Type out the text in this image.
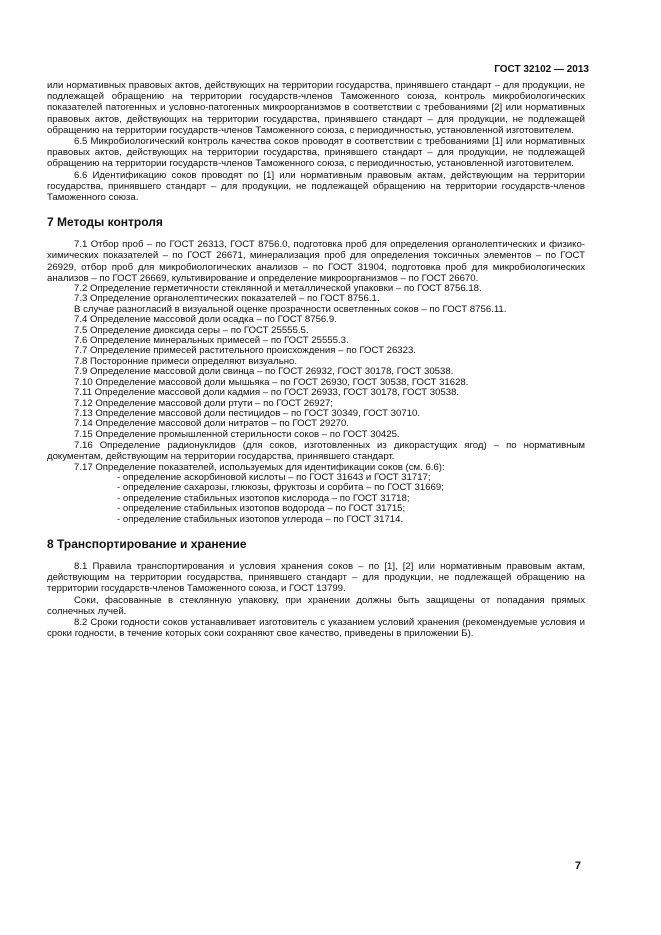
ГОСТ 32102 — 2013

или нормативных правовых актов, действующих на территории государства, принявшего стандарт – для продукции, не подлежащей обращению на территории государств-членов Таможенного союза, контроль микробиологических показателей патогенных и условно-патогенных микроорганизмов в соответствии с требованиями [2] или нормативных правовых актов, действующих на территории государства, принявшего стандарт – для продукции, не подлежащей обращению на территории государств-членов Таможенного союза, с периодичностью, установленной изготовителем.

6.5 Микробиологический контроль качества соков проводят в соответствии с требованиями [1] или нормативных правовых актов, действующих на территории государства, принявшего стандарт – для продукции, не подлежащей обращению на территории государств-членов Таможенного союза, с периодичностью, установленной изготовителем.

6.6 Идентификацию соков проводят по [1] или нормативным правовым актам, действующим на территории государства, принявшего стандарт – для продукции, не подлежащей обращению на территории государств-членов Таможенного союза.

7 Методы контроля

7.1 Отбор проб – по ГОСТ 26313, ГОСТ 8756.0, подготовка проб для определения органолептических и физико-химических показателей – по ГОСТ 26671, минерализация проб для определения токсичных элементов – по ГОСТ 26929, отбор проб для микробиологических анализов – по ГОСТ 31904, подготовка проб для микробиологических анализов – по ГОСТ 26669, культивирование и определение микроорганизмов – по ГОСТ 26670.

7.2 Определение герметичности стеклянной и металлической упаковки – по ГОСТ 8756.18.

7.3 Определение органолептических показателей – по ГОСТ 8756.1.

В случае разногласий в визуальной оценке прозрачности осветленных соков – по ГОСТ 8756.11.

7.4 Определение массовой доли осадка – по ГОСТ 8756.9.

7.5 Определение диоксида серы – по ГОСТ 25555.5.

7.6 Определение минеральных примесей – по ГОСТ 25555.3.

7.7 Определение примесей растительного происхождения – по ГОСТ 26323.

7.8 Посторонние примеси определяют визуально.

7.9 Определение массовой доли свинца – по ГОСТ 26932, ГОСТ 30178, ГОСТ 30538.

7.10 Определение массовой доли мышьяка – по ГОСТ 26930, ГОСТ 30538, ГОСТ 31628.

7.11 Определение массовой доли кадмия – по ГОСТ 26933, ГОСТ 30178, ГОСТ 30538.

7.12 Определение массовой доли ртути – по ГОСТ 26927;

7.13 Определение массовой доли пестицидов – по ГОСТ 30349, ГОСТ 30710.

7.14 Определение массовой доли нитратов – по ГОСТ 29270.

7.15 Определение промышленной стерильности соков – по ГОСТ 30425.

7.16 Определение радионуклидов (для соков, изготовленных из дикорастущих ягод) – по нормативным документам, действующим на территории государства, принявшего стандарт.

7.17 Определение показателей, используемых для идентификации соков (см. 6.6):

- определение аскорбиновой кислоты – по ГОСТ 31643 и ГОСТ 31717;

- определение сахарозы, глюкозы, фруктозы и сорбита – по ГОСТ 31669;

- определение стабильных изотопов кислорода – по ГОСТ 31718;

- определение стабильных изотопов водорода – по ГОСТ 31715;

- определение стабильных изотопов углерода – по ГОСТ 31714.

8 Транспортирование и хранение

8.1 Правила транспортирования и условия хранения соков – по [1], [2] или нормативным правовым актам, действующим на территории государства, принявшего стандарт – для продукции, не подлежащей обращению на территории государств-членов Таможенного союза, и ГОСТ 13799.

Соки, фасованные в стеклянную упаковку, при хранении должны быть защищены от попадания прямых солнечных лучей.

8.2 Сроки годности соков устанавливает изготовитель с указанием условий хранения (рекомендуемые условия и сроки годности, в течение которых соки сохраняют свое качество, приведены в приложении Б).

7
